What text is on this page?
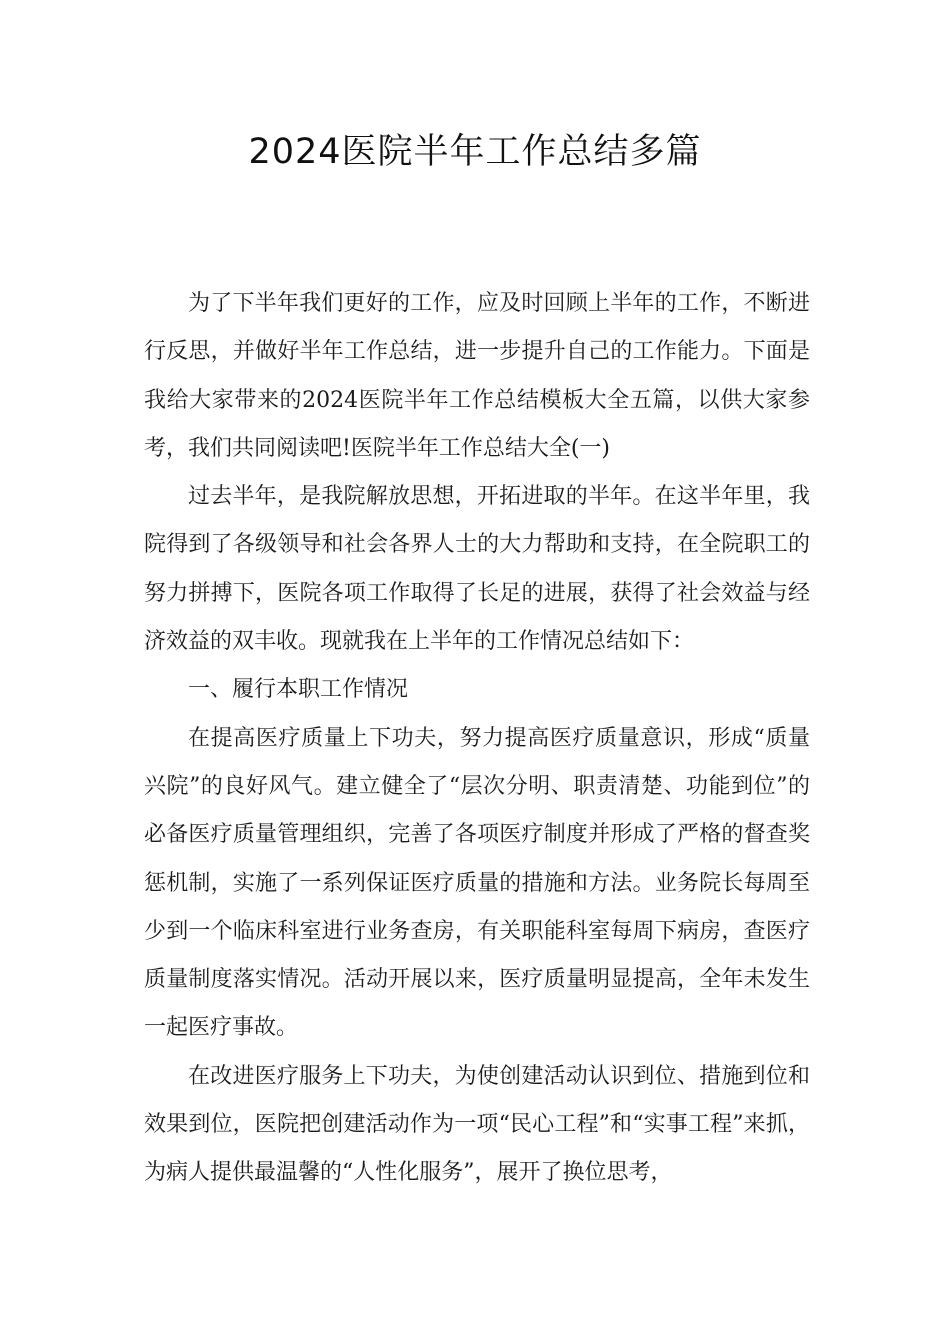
2024医院半年工作总结多篇

为了下半年我们更好的工作，应及时回顾上半年的工作，不断进行反思，并做好半年工作总结，进一步提升自己的工作能力。下面是我给大家带来的2024医院半年工作总结模板大全五篇，以供大家参考，我们共同阅读吧!医院半年工作总结大全(一)

过去半年，是我院解放思想，开拓进取的半年。在这半年里，我院得到了各级领导和社会各界人士的大力帮助和支持，在全院职工的努力拼搏下，医院各项工作取得了长足的进展，获得了社会效益与经济效益的双丰收。现就我在上半年的工作情况总结如下：

一、履行本职工作情况

在提高医疗质量上下功夫，努力提高医疗质量意识，形成“质量兴院”的良好风气。建立健全了“层次分明、职责清楚、功能到位”的必备医疗质量管理组织，完善了各项医疗制度并形成了严格的督查奖惩机制，实施了一系列保证医疗质量的措施和方法。业务院长每周至少到一个临床科室进行业务查房，有关职能科室每周下病房，查医疗质量制度落实情况。活动开展以来，医疗质量明显提高，全年未发生一起医疗事故。

在改进医疗服务上下功夫，为使创建活动认识到位、措施到位和效果到位，医院把创建活动作为一项“民心工程”和“实事工程”来抓，为病人提供最温馨的“人性化服务”，展开了换位思考，
